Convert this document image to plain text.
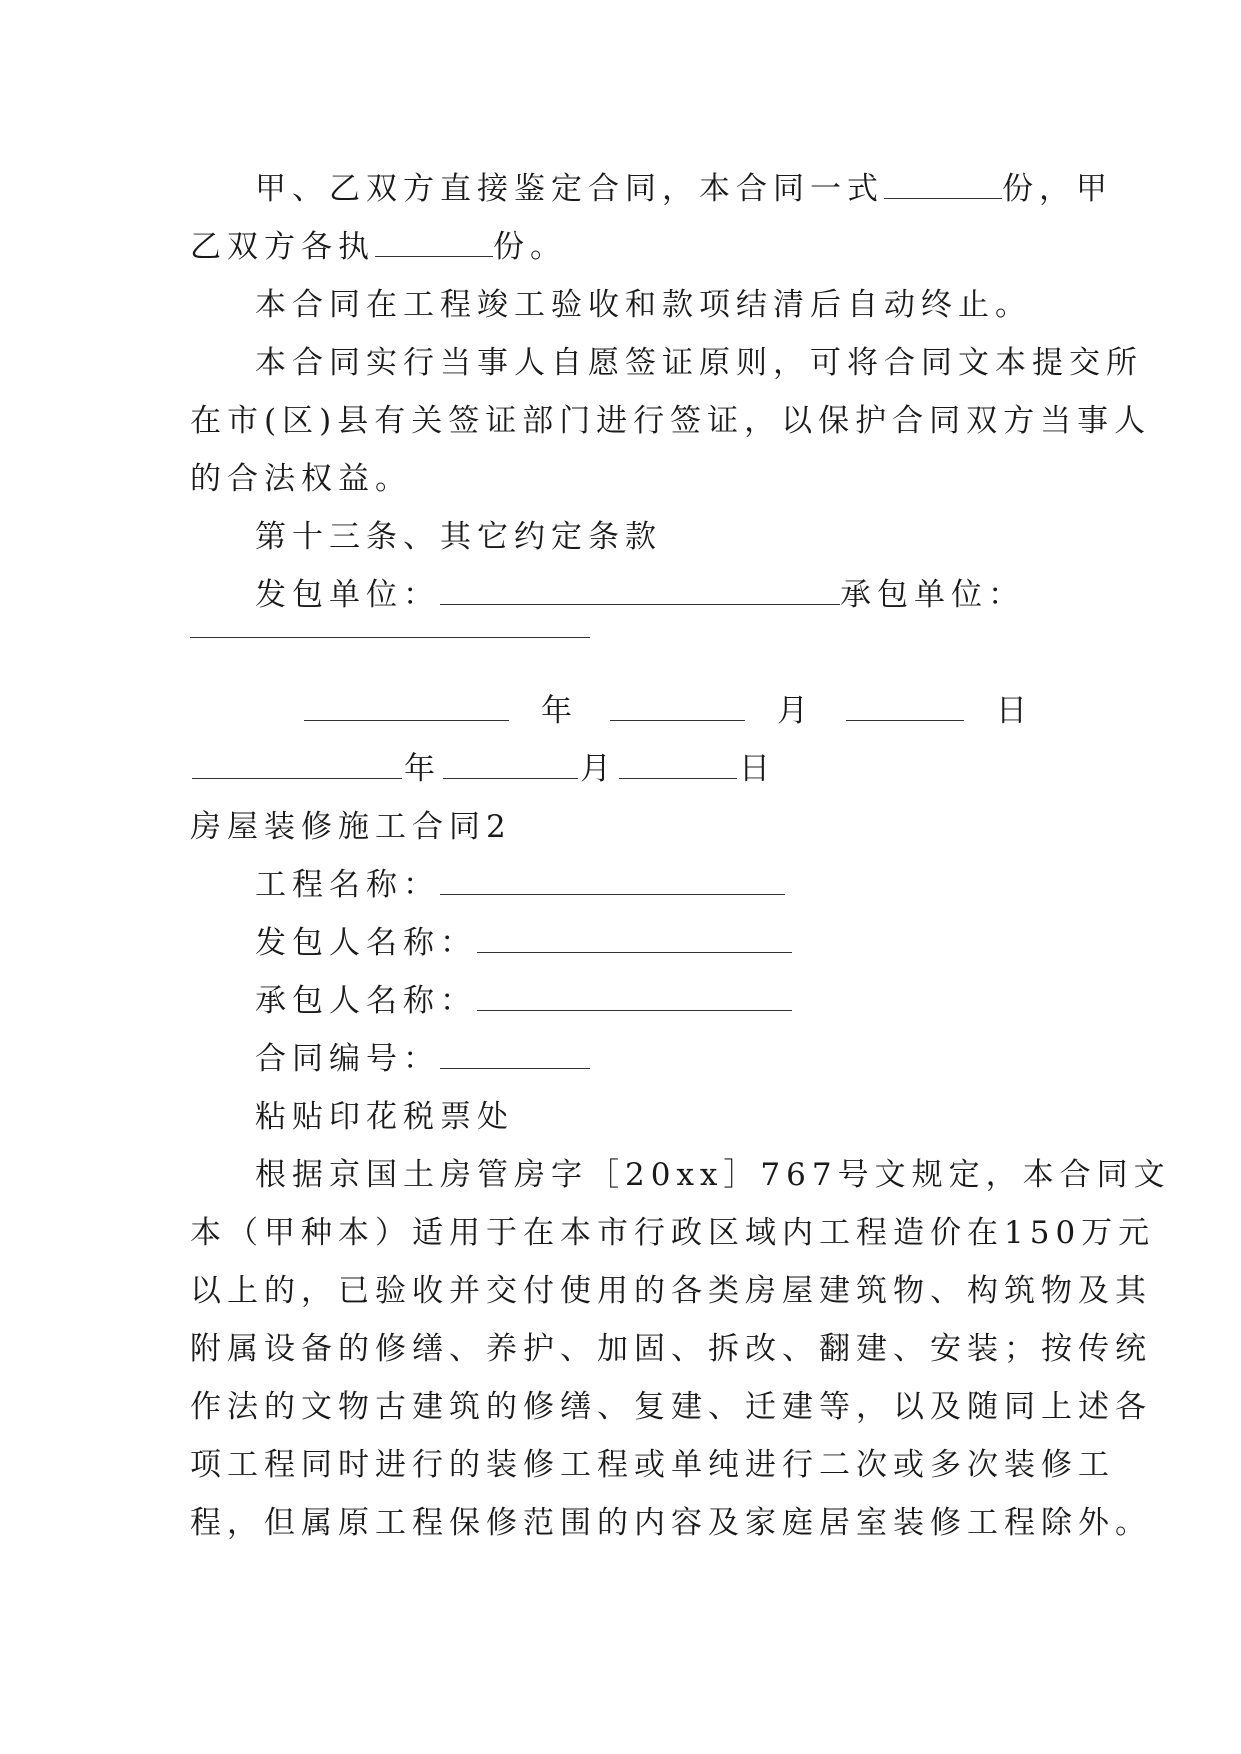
甲、乙双方直接鉴定合同，本合同一式	份，甲

乙双方各执	份。

本合同在工程竣工验收和款项结清后自动终止。

本合同实行当事人自愿签证原则，可将合同文本提交所

在市(区)县有关签证部门进行签证，以保护合同双方当事人

的合法权益。

第十三条、其它约定条款

发包单位：	承包单位：

年	月	日
年	月	日

房屋装修施工合同2

工程名称：

发包人名称：

承包人名称：

合同编号：

粘贴印花税票处

根据京国土房管房字［20xx］767号文规定，本合同文

本（甲种本）适用于在本市行政区域内工程造价在150万元

以上的，已验收并交付使用的各类房屋建筑物、构筑物及其

附属设备的修缮、养护、加固、拆改、翻建、安装；按传统

作法的文物古建筑的修缮、复建、迁建等，以及随同上述各

项工程同时进行的装修工程或单纯进行二次或多次装修工

程，但属原工程保修范围的内容及家庭居室装修工程除外。
